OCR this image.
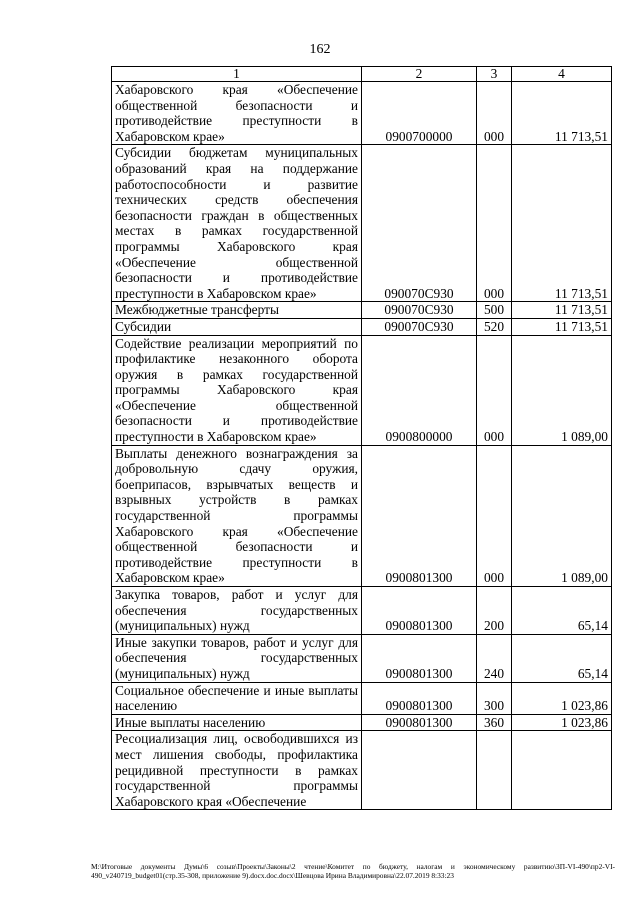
162
1	2	3	4
Хабаровского края «Обеспечение общественной безопасности и противодействие преступности в Хабаровском крае»	0900700000	000	11 713,51
Субсидии бюджетам муниципальных образований края на поддержание работоспособности и развитие технических средств обеспечения безопасности граждан в общественных местах в рамках государственной программы Хабаровского края «Обеспечение общественной безопасности и противодействие преступности в Хабаровском крае»	090070С930	000	11 713,51
Межбюджетные трансферты	090070С930	500	11 713,51
Субсидии	090070С930	520	11 713,51
Содействие реализации мероприятий по профилактике незаконного оборота оружия в рамках государственной программы Хабаровского края «Обеспечение общественной безопасности и противодействие преступности в Хабаровском крае»	0900800000	000	1 089,00
Выплаты денежного вознаграждения за добровольную сдачу оружия, боеприпасов, взрывчатых веществ и взрывных устройств в рамках государственной программы Хабаровского края «Обеспечение общественной безопасности и противодействие преступности в Хабаровском крае»	0900801300	000	1 089,00
Закупка товаров, работ и услуг для обеспечения государственных (муниципальных) нужд	0900801300	200	65,14
Иные закупки товаров, работ и услуг для обеспечения государственных (муниципальных) нужд	0900801300	240	65,14
Социальное обеспечение и иные выплаты населению	0900801300	300	1 023,86
Иные выплаты населению	0900801300	360	1 023,86
Ресоциализация лиц, освободившихся из мест лишения свободы, профилактика рецидивной преступности в рамках государственной программы Хабаровского края «Обеспечение			
M:\Итоговые документы Думы\6 созыв\Проекты\Законы\2 чтение\Комитет по бюджету, налогам и экономическому развитию\ЗП-VI-490\пр2-VI-490_v240719_budget01(стр.35-308, приложение 9).docx.doc.docx\Шевцова Ирина Владимировна\22.07.2019 8:33:23
